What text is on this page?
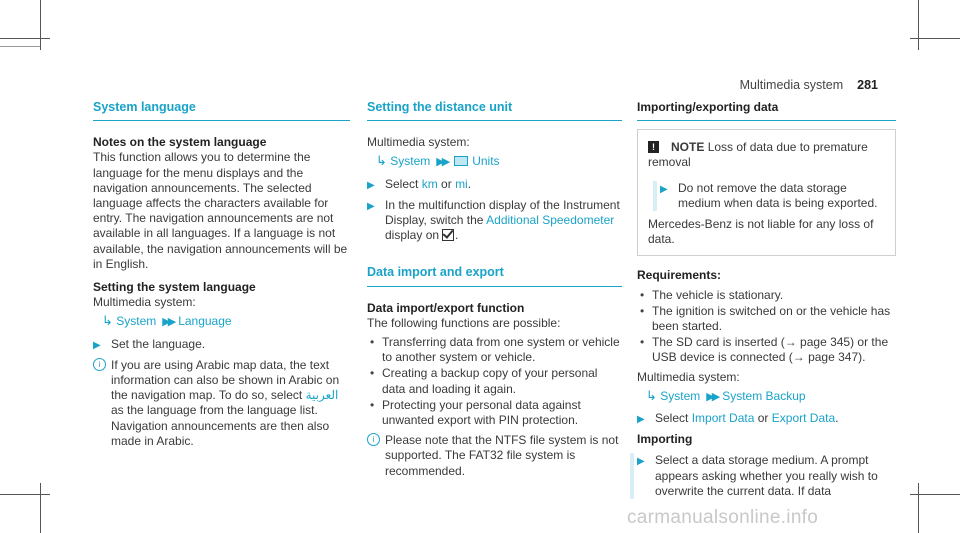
Multimedia system 281
System language
Notes on the system language

This function allows you to determine the language for the menu displays and the navigation announcements. The selected language affects the characters available for entry. The navigation announcements are not available in all languages. If a language is not available, the navigation announcements will be in English.

Setting the system language
Multimedia system:
↳ System ▶▶ Language
▶ Set the language.
i If you are using Arabic map data, the text information can also be shown in Arabic on the navigation map. To do so, select العربية as the language from the language list. Navigation announcements are then also made in Arabic.
Setting the distance unit
Multimedia system:
↳ System ▶▶ Units
▶ Select km or mi.
▶ In the multifunction display of the Instrument Display, switch the Additional Speedometer display on .
Data import and export
Data import/export function
The following functions are possible:
• Transferring data from one system or vehicle to another system or vehicle.
• Creating a backup copy of your personal data and loading it again.
• Protecting your personal data against unwanted export with PIN protection.
i Please note that the NTFS file system is not supported. The FAT32 file system is recommended.
Importing/exporting data
! NOTE Loss of data due to premature removal
▶ Do not remove the data storage medium when data is being exported.
Mercedes-Benz is not liable for any loss of data.
Requirements:
• The vehicle is stationary.
• The ignition is switched on or the vehicle has been started.
• The SD card is inserted (→ page 345) or the USB device is connected (→ page 347).
Multimedia system:
↳ System ▶▶ System Backup
▶ Select Import Data or Export Data.
Importing
▶ Select a data storage medium. A prompt appears asking whether you really wish to overwrite the current data. If data
carmanualsonline.info
